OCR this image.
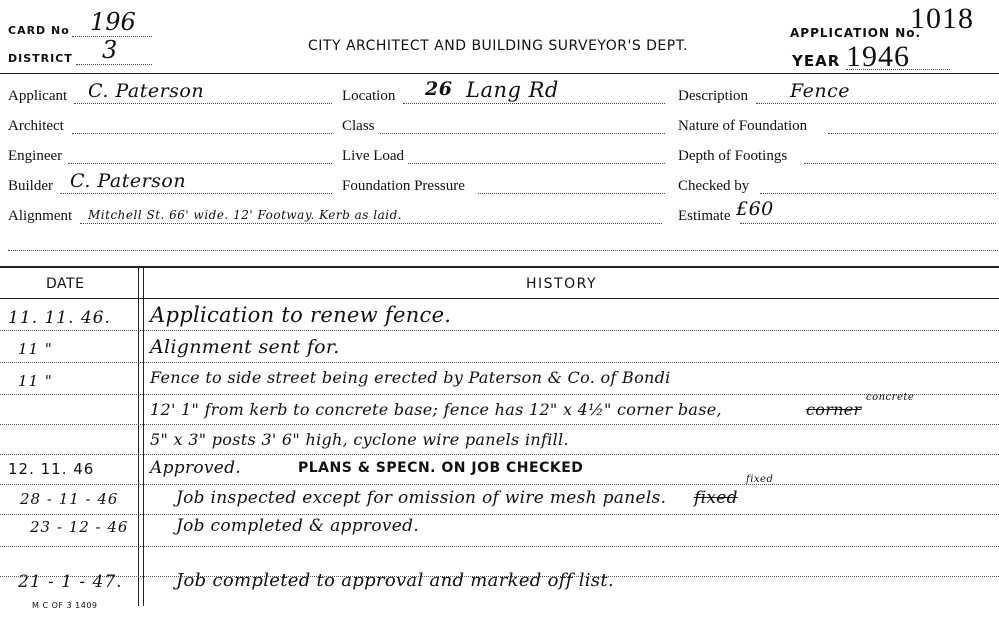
CARD No 196
DISTRICT 3	CITY ARCHITECT AND BUILDING SURVEYOR'S DEPT.
APPLICATION No.
1018
YEAR 1946
Applicant C. Paterson
Architect
Engineer
Builder C. Paterson
Alignment Mitchell St. 66' wide. 12' Footway. Kerb as laid.
Location 26 Lang Rd
Class
Live Load
Foundation Pressure
Description Fence
Nature of Foundation
Depth of Footings
Checked by
Estimate £60
DATE	HISTORY
11. 11. 46. Application to renew fence.
11 "	Alignment sent for.
11 "	Fence to side street being erected by Paterson & Co. of Bondi
concrete
12' 1" from kerb to concrete base; fence has 12" x 4½" corner base,	corner
5" x 3" posts 3' 6" high, cyclone wire panels infill.
12. 11. 46	Approved.	PLANS & SPECN. ON JOB CHECKED
28 - 11 - 46	Job inspected except for omission of wire mesh panels. fixed
fixed
23 - 12 - 46	Job completed & approved.
21 - 1 - 47.	Job completed to approval and marked off list.
M C OF 3 1409
